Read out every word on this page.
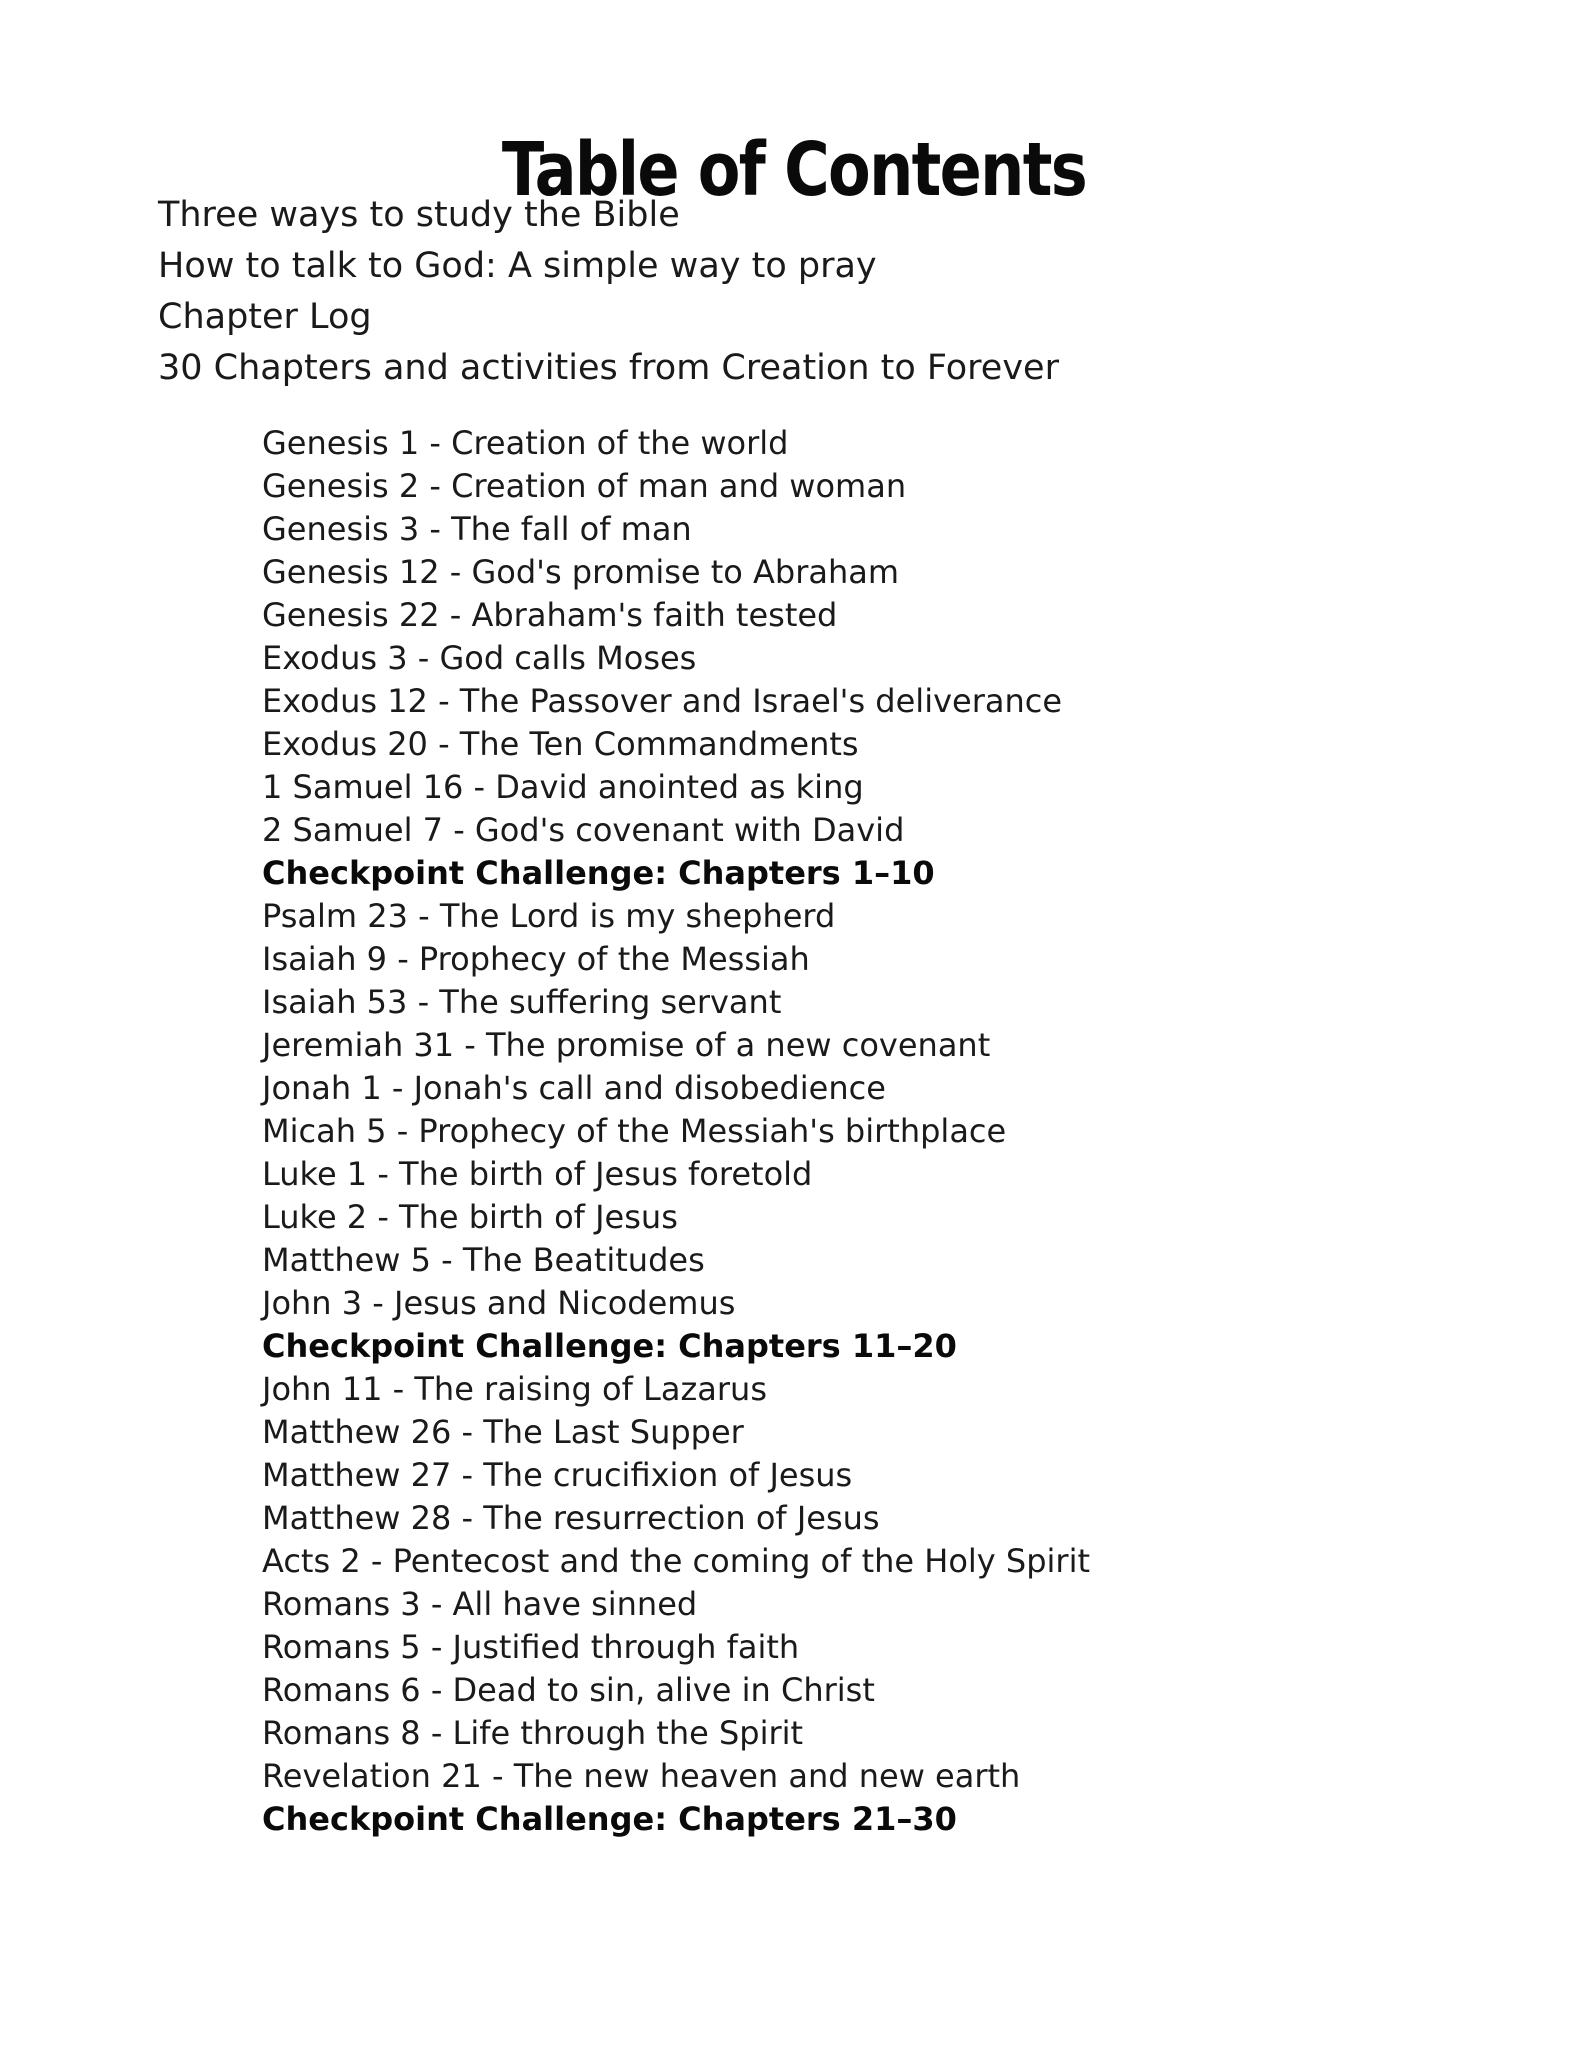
Table of Contents
Three ways to study the Bible
How to talk to God: A simple way to pray
Chapter Log
30 Chapters and activities from Creation to Forever
Genesis 1 - Creation of the world
Genesis 2 - Creation of man and woman
Genesis 3 - The fall of man
Genesis 12 - God's promise to Abraham
Genesis 22 - Abraham's faith tested
Exodus 3 - God calls Moses
Exodus 12 - The Passover and Israel's deliverance
Exodus 20 - The Ten Commandments
1 Samuel 16 - David anointed as king
2 Samuel 7 - God's covenant with David
Checkpoint Challenge: Chapters 1–10
Psalm 23 - The Lord is my shepherd
Isaiah 9 - Prophecy of the Messiah
Isaiah 53 - The suffering servant
Jeremiah 31 - The promise of a new covenant
Jonah 1 - Jonah's call and disobedience
Micah 5 - Prophecy of the Messiah's birthplace
Luke 1 - The birth of Jesus foretold
Luke 2 - The birth of Jesus
Matthew 5 - The Beatitudes
John 3 - Jesus and Nicodemus
Checkpoint Challenge: Chapters 11–20
John 11 - The raising of Lazarus
Matthew 26 - The Last Supper
Matthew 27 - The crucifixion of Jesus
Matthew 28 - The resurrection of Jesus
Acts 2 - Pentecost and the coming of the Holy Spirit
Romans 3 - All have sinned
Romans 5 - Justified through faith
Romans 6 - Dead to sin, alive in Christ
Romans 8 - Life through the Spirit
Revelation 21 - The new heaven and new earth
Checkpoint Challenge: Chapters 21–30
